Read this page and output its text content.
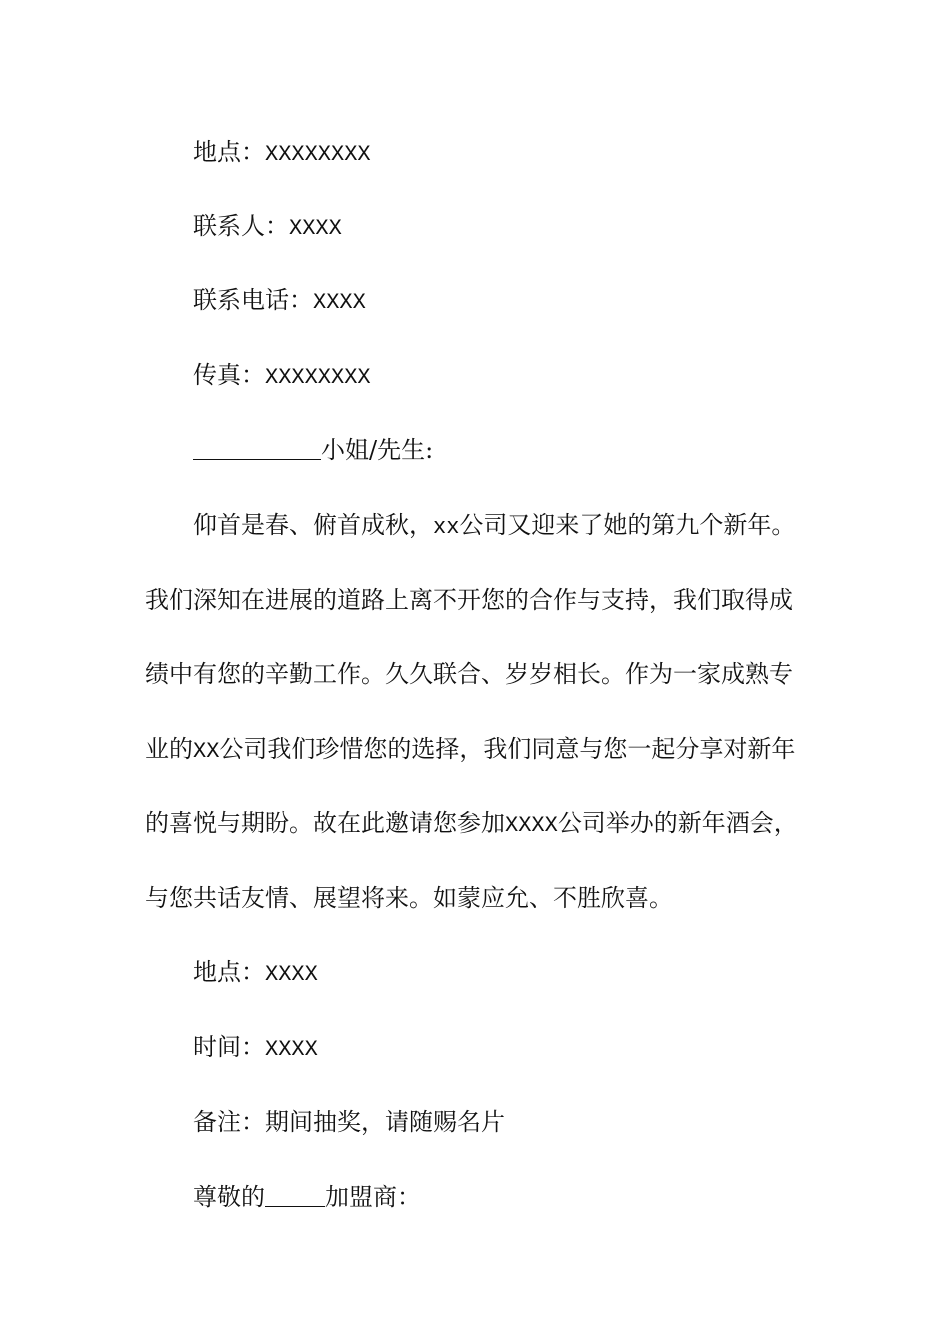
地点：XXXXXXXX
联系人：XXXX
联系电话：XXXX
传真：XXXXXXXX
小姐/先生:
仰首是春、俯首成秋，xx公司又迎来了她的第九个新年。
我们深知在进展的道路上离不开您的合作与支持，我们取得成
绩中有您的辛勤工作。久久联合、岁岁相长。作为一家成熟专
业的XX公司我们珍惜您的选择，我们同意与您一起分享对新年
的喜悦与期盼。故在此邀请您参加XXXX公司举办的新年酒会，
与您共话友情、展望将来。如蒙应允、不胜欣喜。
地点：XXXX
时间：XXXX
备注：期间抽奖，请随赐名片
尊敬的	加盟商：
